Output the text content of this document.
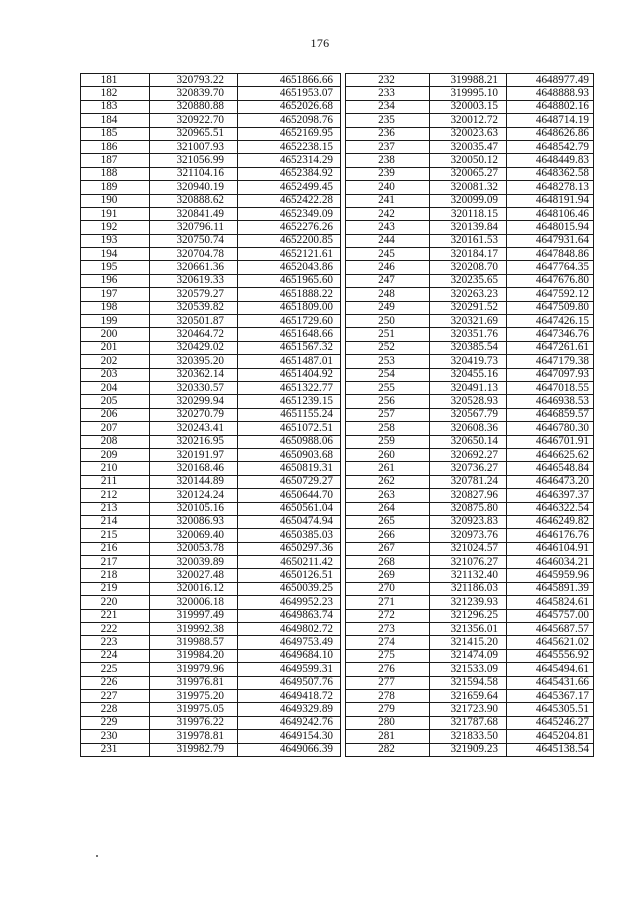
176
181	320793.22	4651866.66
182	320839.70	4651953.07
183	320880.88	4652026.68
184	320922.70	4652098.76
185	320965.51	4652169.95
186	321007.93	4652238.15
187	321056.99	4652314.29
188	321104.16	4652384.92
189	320940.19	4652499.45
190	320888.62	4652422.28
191	320841.49	4652349.09
192	320796.11	4652276.26
193	320750.74	4652200.85
194	320704.78	4652121.61
195	320661.36	4652043.86
196	320619.33	4651965.60
197	320579.27	4651888.22
198	320539.82	4651809.00
199	320501.87	4651729.60
200	320464.72	4651648.66
201	320429.02	4651567.32
202	320395.20	4651487.01
203	320362.14	4651404.92
204	320330.57	4651322.77
205	320299.94	4651239.15
206	320270.79	4651155.24
207	320243.41	4651072.51
208	320216.95	4650988.06
209	320191.97	4650903.68
210	320168.46	4650819.31
211	320144.89	4650729.27
212	320124.24	4650644.70
213	320105.16	4650561.04
214	320086.93	4650474.94
215	320069.40	4650385.03
216	320053.78	4650297.36
217	320039.89	4650211.42
218	320027.48	4650126.51
219	320016.12	4650039.25
220	320006.18	4649952.23
221	319997.49	4649863.74
222	319992.38	4649802.72
223	319988.57	4649753.49
224	319984.20	4649684.10
225	319979.96	4649599.31
226	319976.81	4649507.76
227	319975.20	4649418.72
228	319975.05	4649329.89
229	319976.22	4649242.76
230	319978.81	4649154.30
231	319982.79	4649066.39
232	319988.21	4648977.49
233	319995.10	4648888.93
234	320003.15	4648802.16
235	320012.72	4648714.19
236	320023.63	4648626.86
237	320035.47	4648542.79
238	320050.12	4648449.83
239	320065.27	4648362.58
240	320081.32	4648278.13
241	320099.09	4648191.94
242	320118.15	4648106.46
243	320139.84	4648015.94
244	320161.53	4647931.64
245	320184.17	4647848.86
246	320208.70	4647764.35
247	320235.65	4647676.80
248	320263.23	4647592.12
249	320291.52	4647509.80
250	320321.69	4647426.15
251	320351.76	4647346.76
252	320385.54	4647261.61
253	320419.73	4647179.38
254	320455.16	4647097.93
255	320491.13	4647018.55
256	320528.93	4646938.53
257	320567.79	4646859.57
258	320608.36	4646780.30
259	320650.14	4646701.91
260	320692.27	4646625.62
261	320736.27	4646548.84
262	320781.24	4646473.20
263	320827.96	4646397.37
264	320875.80	4646322.54
265	320923.83	4646249.82
266	320973.76	4646176.76
267	321024.57	4646104.91
268	321076.27	4646034.21
269	321132.40	4645959.96
270	321186.03	4645891.39
271	321239.93	4645824.61
272	321296.25	4645757.00
273	321356.01	4645687.57
274	321415.20	4645621.02
275	321474.09	4645556.92
276	321533.09	4645494.61
277	321594.58	4645431.66
278	321659.64	4645367.17
279	321723.90	4645305.51
280	321787.68	4645246.27
281	321833.50	4645204.81
282	321909.23	4645138.54
